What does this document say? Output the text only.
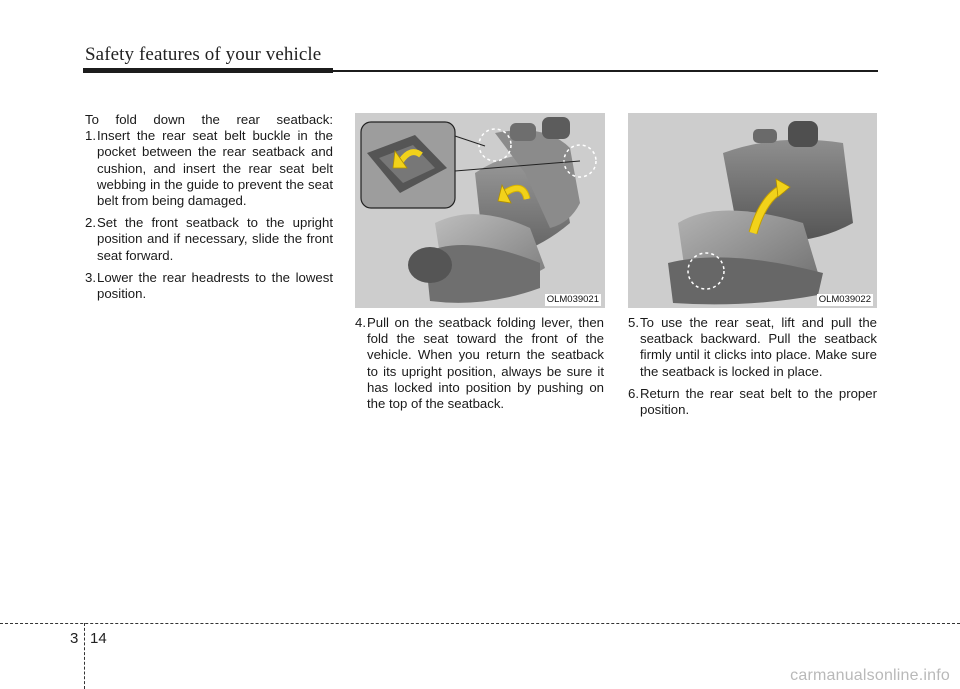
Safety features of your vehicle

To fold down the rear seatback:

1. Insert the rear seat belt buckle in the pocket between the rear seatback and cushion, and insert the rear seat belt webbing in the guide to prevent the seat belt from being damaged.
2. Set the front seatback to the upright position and if necessary, slide the front seat forward.
3. Lower the rear headrests to the lowest position.	OLM039021	OLM039022
4. Pull on the seatback folding lever, then fold the seat toward the front of the vehicle. When you return the seatback to its upright position, always be sure it has locked into position by pushing on the top of the seatback.
5. To use the rear seat, lift and pull the seatback backward. Pull the seatback firmly until it clicks into place. Make sure the seatback is locked in place.
6. Return the rear seat belt to the proper position.
3 14
carmanualsonline.info
